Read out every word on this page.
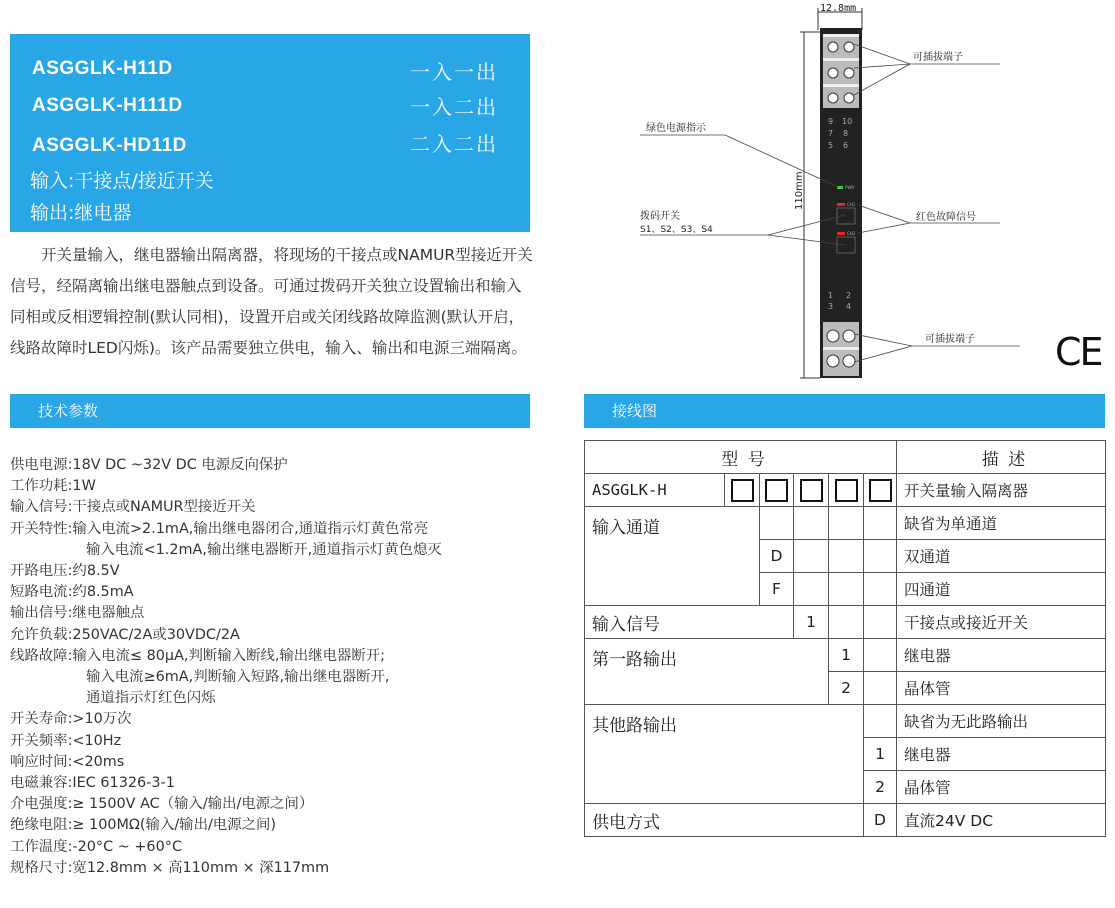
ASGGLK-H11D	一入一出
ASGGLK-H111D	一入二出
ASGGLK-HD11D	二入二出
输入:干接点/接近开关
输出:继电器
开关量输入，继电器输出隔离器，将现场的干接点或NAMUR型接近开关信号，经隔离输出继电器触点到设备。可通过拨码开关独立设置输出和输入同相或反相逻辑控制(默认同相)，设置开启或关闭线路故障监测(默认开启，线路故障时LED闪烁)。该产品需要独立供电，输入、输出和电源三端隔离。
技术参数	接线图
供电电源: 18V DC ~32V DC 电源反向保护
工作功耗: 1W
输入信号: 干接点或NAMUR型接近开关
开关特性: 输入电流>2.1mA,输出继电器闭合,通道指示灯黄色常亮
输入电流<1.2mA,输出继电器断开,通道指示灯黄色熄灭
开路电压: 约8.5V
短路电流: 约8.5mA
输出信号: 继电器触点
允许负载: 250VAC/2A或30VDC/2A
线路故障: 输入电流≤ 80μA,判断输入断线,输出继电器断开;
输入电流≥6mA,判断输入短路,输出继电器断开,
通道指示灯红色闪烁
开关寿命: >10万次
开关频率: <10Hz
响应时间: <20ms
电磁兼容: IEC 61326-3-1
介电强度: ≥ 1500V AC（输入/输出/电源之间）
绝缘电阻: ≥ 100MΩ(输入/输出/电源之间)
工作温度: -20°C ~ +60°C
规格尺寸: 宽12.8mm × 高110mm × 深117mm
型 号						描 述
ASGGLK-H						开关量输入隔离器
输入通道						缺省为单通道
		D				双通道
		F				四通道
输入信号			1			干接点或接近开关
第一路输出				1		继电器
				2		晶体管
其他路输出						缺省为无此路输出
					1	继电器
					2	晶体管
供电方式					D	直流24V DC
12.8mm
110mm
9 10
7 8
5 6
1 2
3 4
PWR
CH1
CH2
可插拔端子
绿色电源指示
拨码开关
S1、S2、S3、S4
红色故障信号
可插拔端子 CE
